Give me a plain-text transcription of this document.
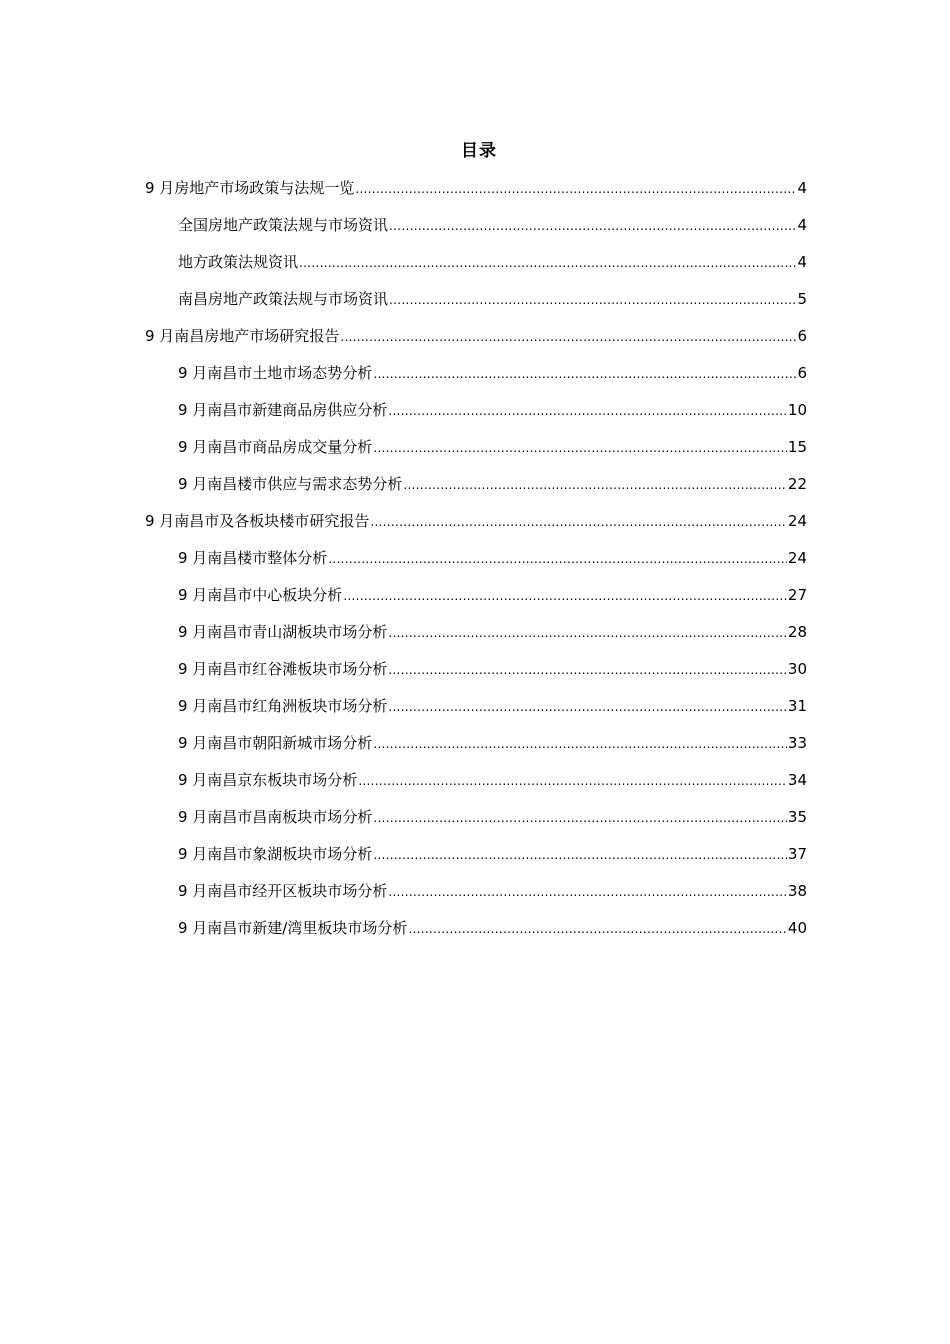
目录
9 月房地产市场政策与法规一览 .....	4
全国房地产政策法规与市场资讯 .....	4
地方政策法规资讯 .....	4
南昌房地产政策法规与市场资讯 .....	5
9 月南昌房地产市场研究报告 .....	6
9 月南昌市土地市场态势分析 .....	6
9 月南昌市新建商品房供应分析 .....	10
9 月南昌市商品房成交量分析 .....	15
9 月南昌楼市供应与需求态势分析 .....	22
9 月南昌市及各板块楼市研究报告 .....	24
9 月南昌楼市整体分析 .....	24
9 月南昌市中心板块分析 .....	27
9 月南昌市青山湖板块市场分析 .....	28
9 月南昌市红谷滩板块市场分析 .....	30
9 月南昌市红角洲板块市场分析 .....	31
9 月南昌市朝阳新城市场分析 .....	33
9 月南昌京东板块市场分析 .....	34
9 月南昌市昌南板块市场分析 .....	35
9 月南昌市象湖板块市场分析 .....	37
9 月南昌市经开区板块市场分析 .....	38
9 月南昌市新建/湾里板块市场分析 .....	40
